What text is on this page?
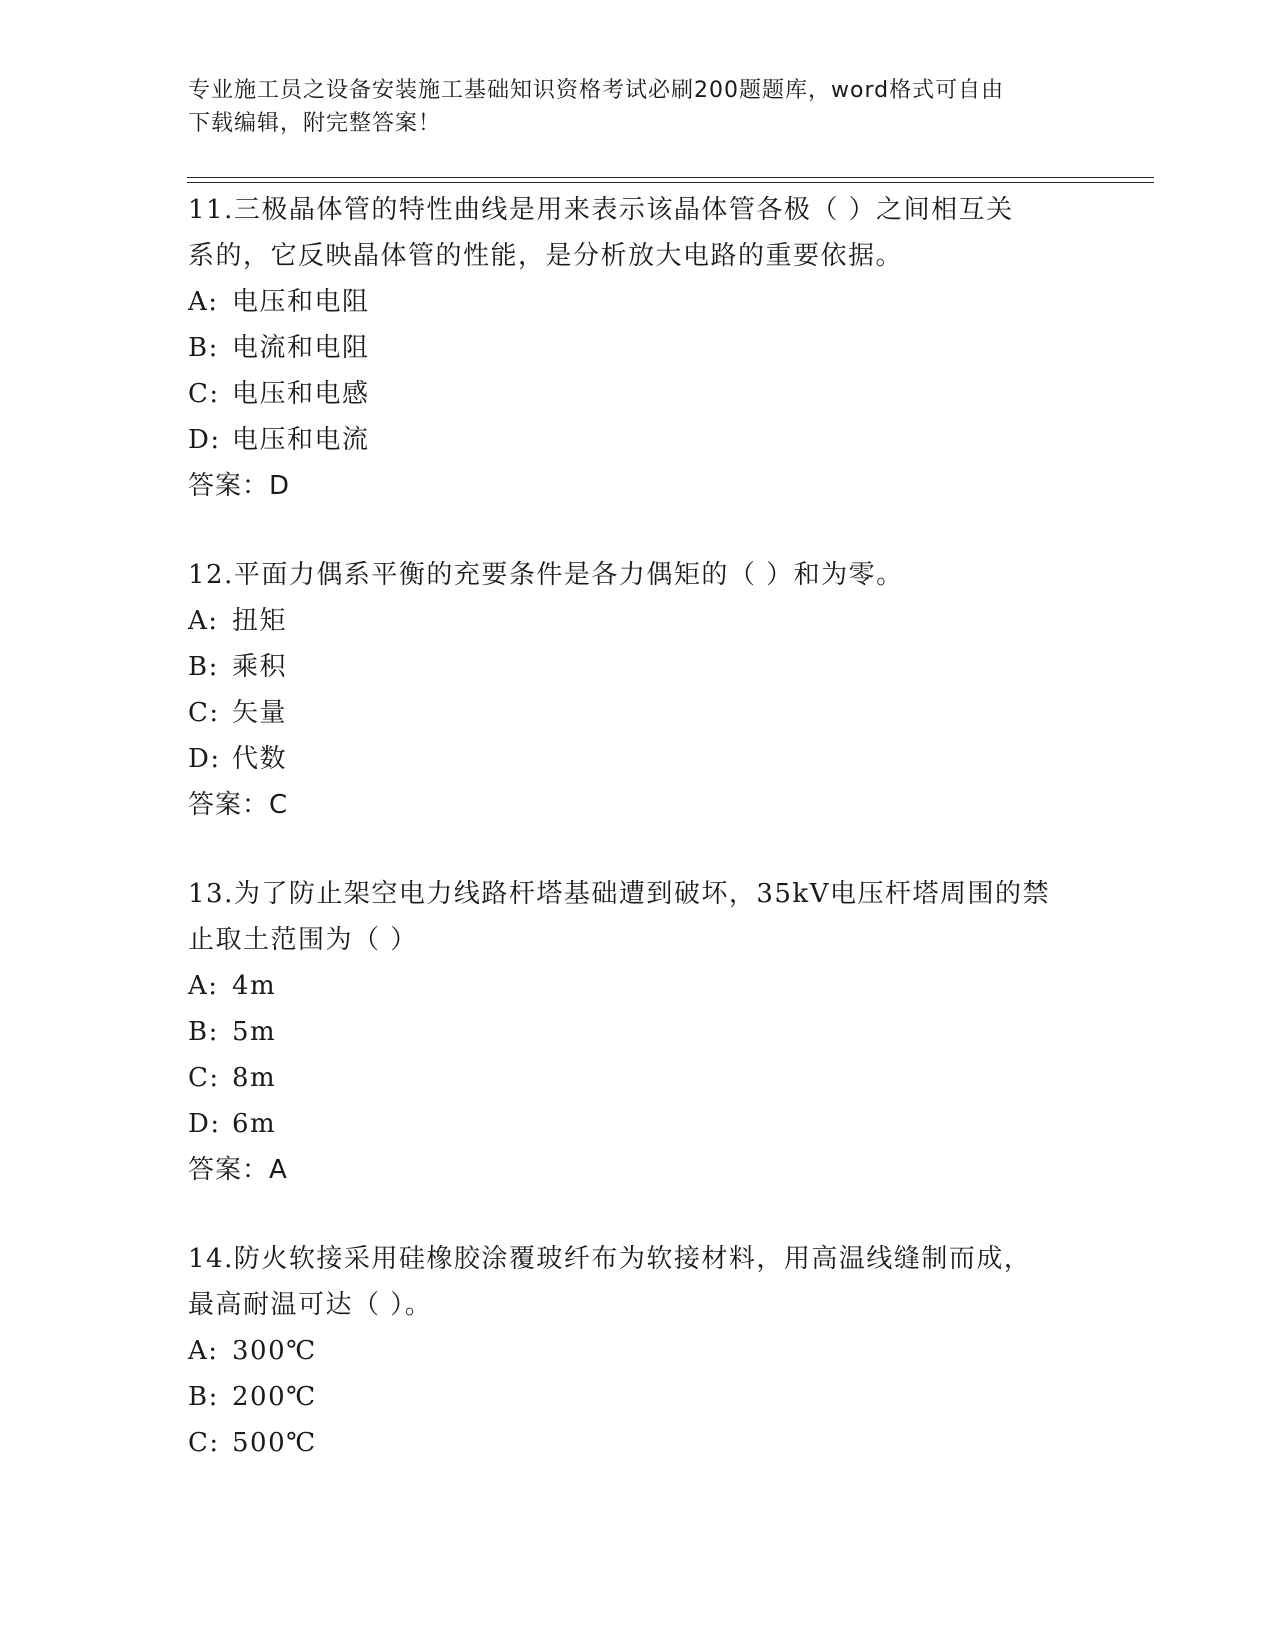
专业施工员之设备安装施工基础知识资格考试必刷200题题库，word格式可自由
下载编辑，附完整答案！
11.三极晶体管的特性曲线是用来表示该晶体管各极（ ）之间相互关
系的，它反映晶体管的性能，是分析放大电路的重要依据。
A: 电压和电阻
B: 电流和电阻
C: 电压和电感
D: 电压和电流
答案：D
12.平面力偶系平衡的充要条件是各力偶矩的（ ）和为零。
A: 扭矩
B: 乘积
C: 矢量
D: 代数
答案：C
13.为了防止架空电力线路杆塔基础遭到破坏，35kV电压杆塔周围的禁
止取土范围为（ ）
A: 4m
B: 5m
C: 8m
D: 6m
答案：A
14.防火软接采用硅橡胶涂覆玻纤布为软接材料，用高温线缝制而成，
最高耐温可达（ ）。
A: 300℃
B: 200℃
C: 500℃
